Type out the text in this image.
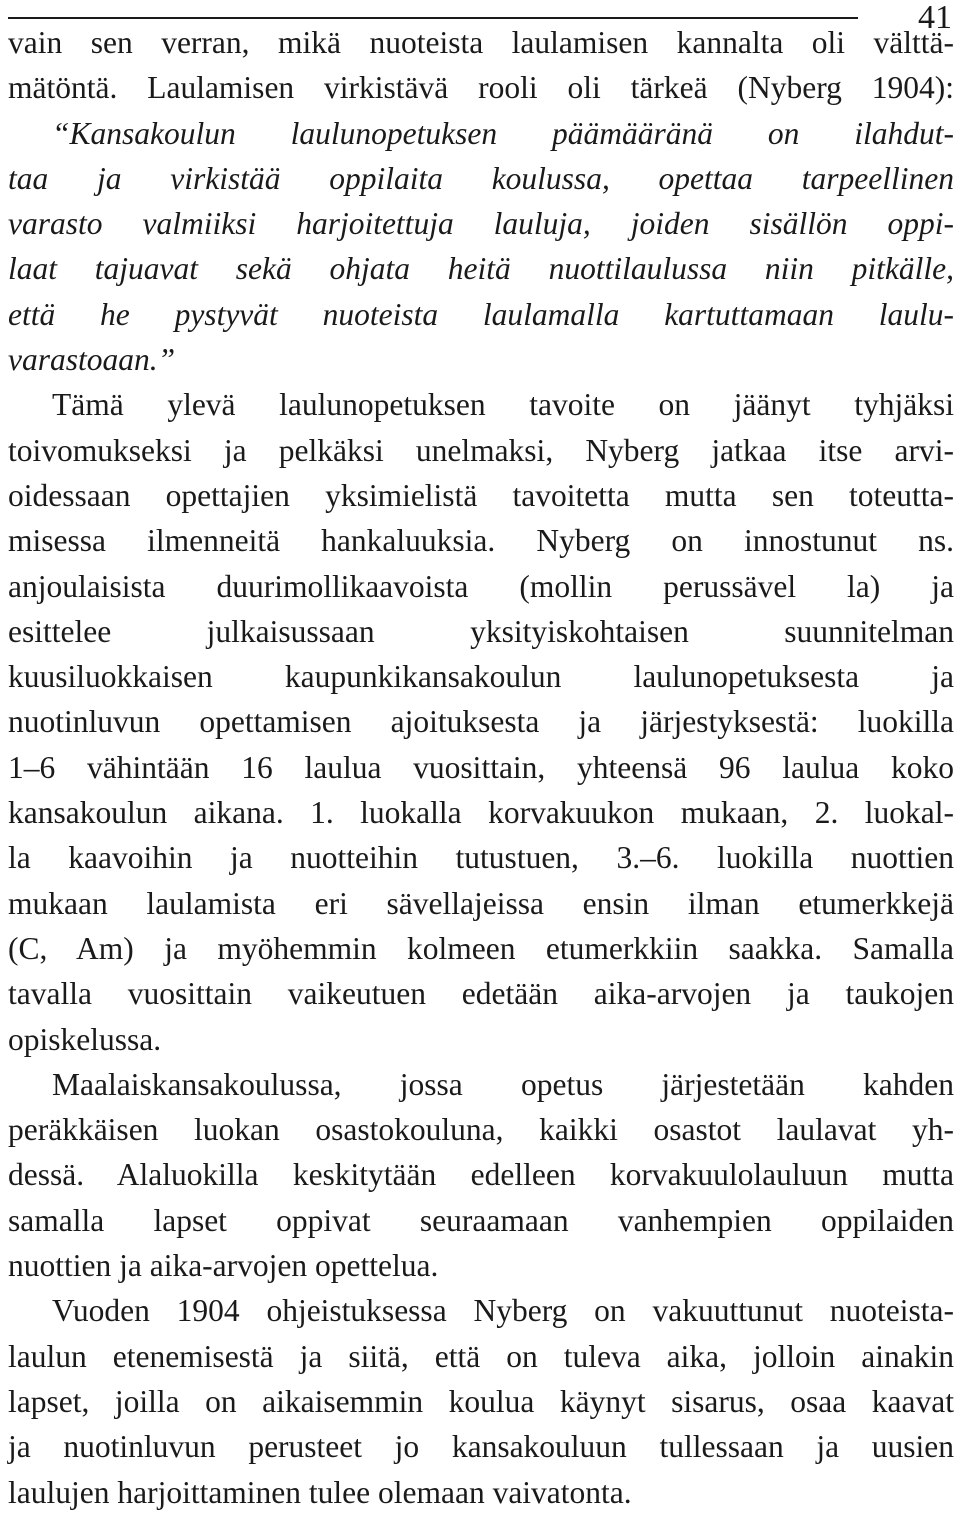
41
vain sen verran, mikä nuoteista laulamisen kannalta oli välttä-
mätöntä. Laulamisen virkistävä rooli oli tärkeä (Nyberg 1904):
“Kansakoulun laulunopetuksen päämääränä on ilahdut-
taa ja virkistää oppilaita koulussa, opettaa tarpeellinen
varasto valmiiksi harjoitettuja lauluja, joiden sisällön oppi-
laat tajuavat sekä ohjata heitä nuottilaulussa niin pitkälle,
että he pystyvät nuoteista laulamalla kartuttamaan laulu-
varastoaan.”
Tämä ylevä laulunopetuksen tavoite on jäänyt tyhjäksi
toivomukseksi ja pelkäksi unelmaksi, Nyberg jatkaa itse arvi-
oidessaan opettajien yksimielistä tavoitetta mutta sen toteutta-
misessa ilmenneitä hankaluuksia. Nyberg on innostunut ns.
anjoulaisista duurimollikaavoista (mollin perussävel la) ja
esittelee julkaisussaan yksityiskohtaisen suunnitelman
kuusiluokkaisen kaupunkikansakoulun laulunopetuksesta ja
nuotinluvun opettamisen ajoituksesta ja järjestyksestä: luokilla
1–6 vähintään 16 laulua vuosittain, yhteensä 96 laulua koko
kansakoulun aikana. 1. luokalla korvakuukon mukaan, 2. luokal-
la kaavoihin ja nuotteihin tutustuen, 3.–6. luokilla nuottien
mukaan laulamista eri sävellajeissa ensin ilman etumerkkejä
(C, Am) ja myöhemmin kolmeen etumerkkiin saakka. Samalla
tavalla vuosittain vaikeutuen edetään aika-arvojen ja taukojen
opiskelussa.
Maalaiskansakoulussa, jossa opetus järjestetään kahden
peräkkäisen luokan osastokouluna, kaikki osastot laulavat yh-
dessä. Alaluokilla keskitytään edelleen korvakuulolauluun mutta
samalla lapset oppivat seuraamaan vanhempien oppilaiden
nuottien ja aika-arvojen opettelua.
Vuoden 1904 ohjeistuksessa Nyberg on vakuuttunut nuoteista-
laulun etenemisestä ja siitä, että on tuleva aika, jolloin ainakin
lapset, joilla on aikaisemmin koulua käynyt sisarus, osaa kaavat
ja nuotinluvun perusteet jo kansakouluun tullessaan ja uusien
laulujen harjoittaminen tulee olemaan vaivatonta.
